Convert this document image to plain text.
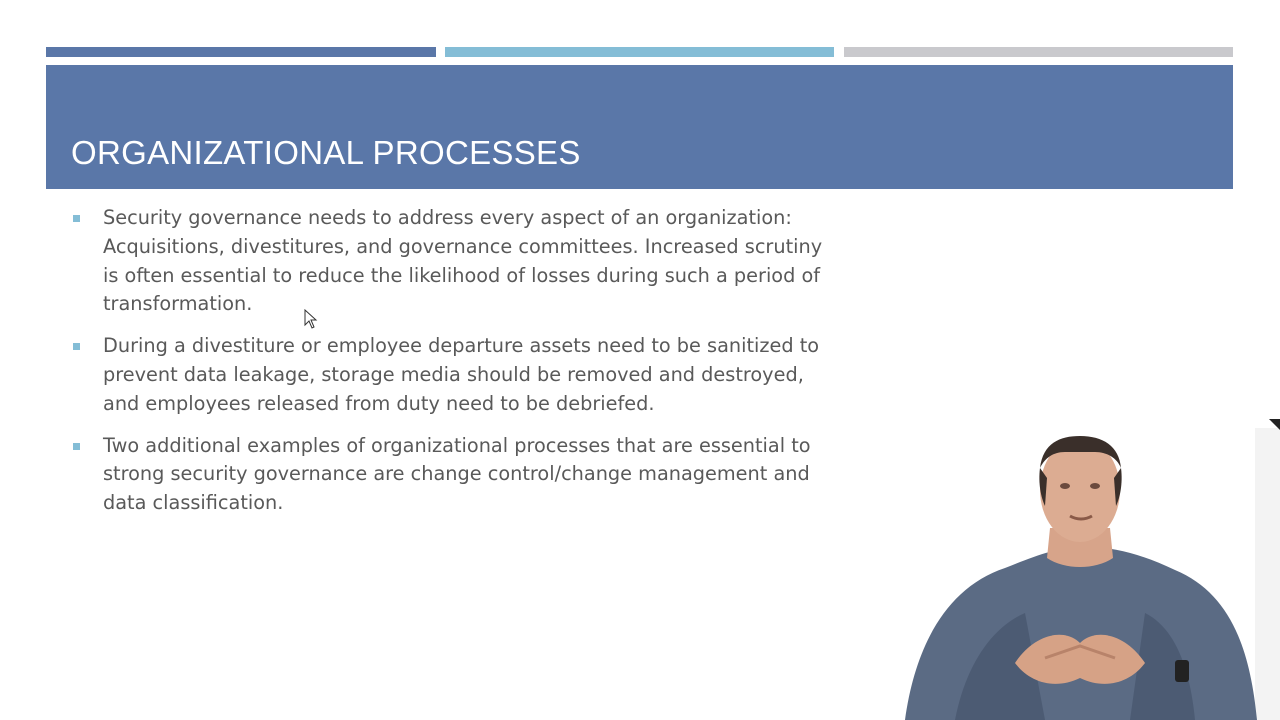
ORGANIZATIONAL PROCESSES
Security governance needs to address every aspect of an organization: Acquisitions, divestitures, and governance committees. Increased scrutiny is often essential to reduce the likelihood of losses during such a period of transformation.
During a divestiture or employee departure assets need to be sanitized to prevent data leakage, storage media should be removed and destroyed, and employees released from duty need to be debriefed.
Two additional examples of organizational processes that are essential to strong security governance are change control/change management and data classification.
